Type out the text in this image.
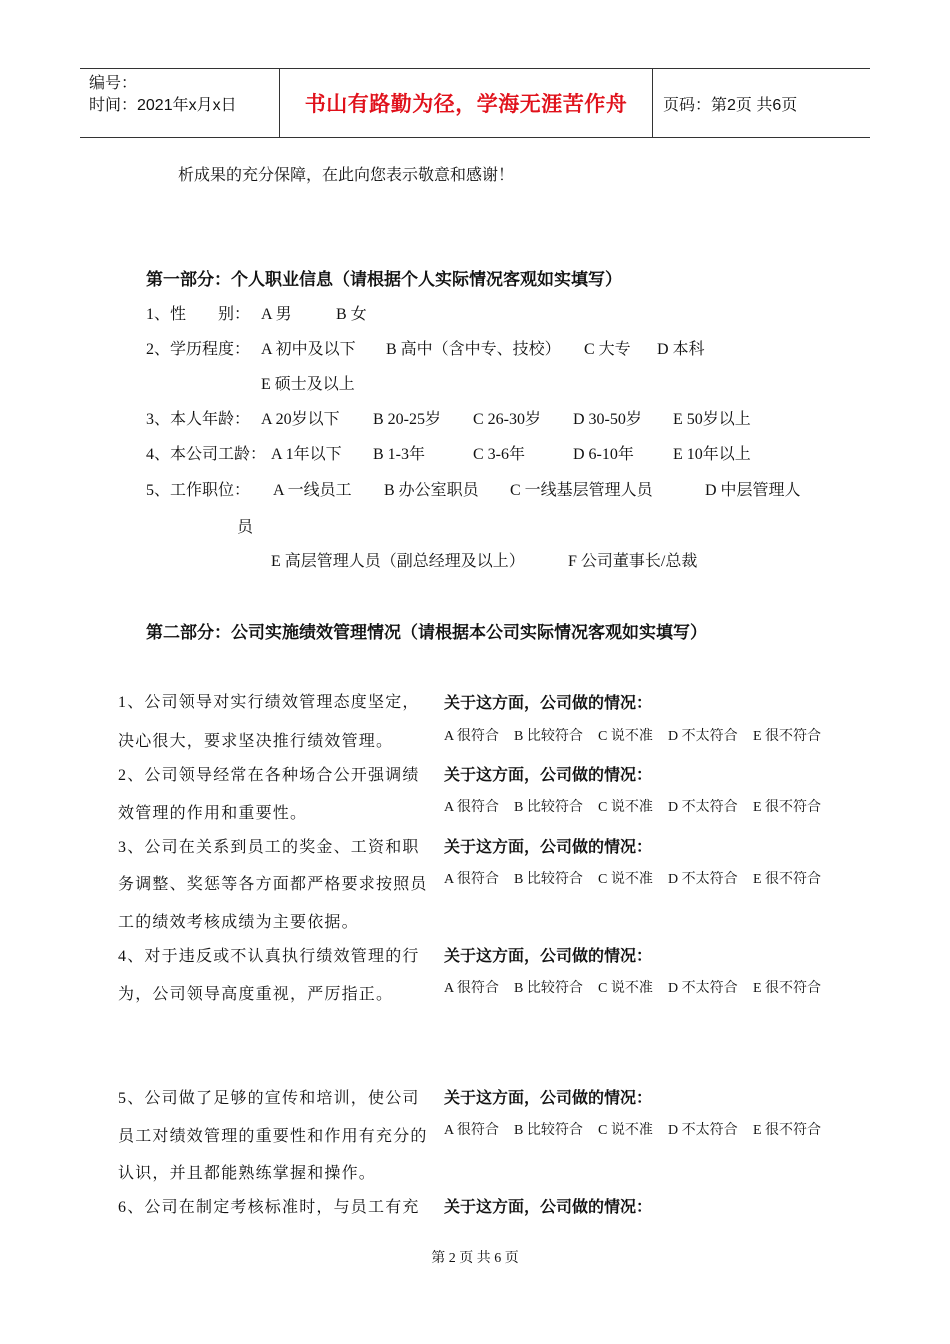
编号：
时间：2021年x月x日	书山有路勤为径，学海无涯苦作舟	页码：第2页 共6页
析成果的充分保障，在此向您表示敬意和感谢！
第一部分：个人职业信息（请根据个人实际情况客观如实填写）
1、性　　别： A 男	B 女
2、学历程度： A 初中及以下 B 高中（含中专、技校） C 大专 D 本科
E 硕士及以上
3、本人年龄： A 20岁以下 B 20-25岁 C 26-30岁 D 30-50岁 E 50岁以上
4、本公司工龄： A 1年以下 B 1-3年	C 3-6年	D 6-10年 E 10年以上
5、工作职位： A 一线员工 B 办公室职员 C 一线基层管理人员	D 中层管理人
员
E 高层管理人员（副总经理及以上）	F 公司董事长/总裁
第二部分：公司实施绩效管理情况（请根据本公司实际情况客观如实填写）
1、公司领导对实行绩效管理态度坚定，
决心很大，要求坚决推行绩效管理。
关于这方面，公司做的情况：
A 很符合	B 比较符合	C 说不准	D 不太符合	E 很不符合
2、公司领导经常在各种场合公开强调绩
效管理的作用和重要性。
关于这方面，公司做的情况：
A 很符合	B 比较符合	C 说不准	D 不太符合	E 很不符合
3、公司在关系到员工的奖金、工资和职
务调整、奖惩等各方面都严格要求按照员
工的绩效考核成绩为主要依据。
关于这方面，公司做的情况：
A 很符合	B 比较符合	C 说不准	D 不太符合	E 很不符合
4、对于违反或不认真执行绩效管理的行
为，公司领导高度重视，严厉指正。
关于这方面，公司做的情况：
A 很符合	B 比较符合	C 说不准	D 不太符合	E 很不符合
5、公司做了足够的宣传和培训，使公司
员工对绩效管理的重要性和作用有充分的
认识，并且都能熟练掌握和操作。
关于这方面，公司做的情况：
A 很符合	B 比较符合	C 说不准	D 不太符合	E 很不符合
6、公司在制定考核标准时，与员工有充 关于这方面，公司做的情况：
第 2 页 共 6 页
